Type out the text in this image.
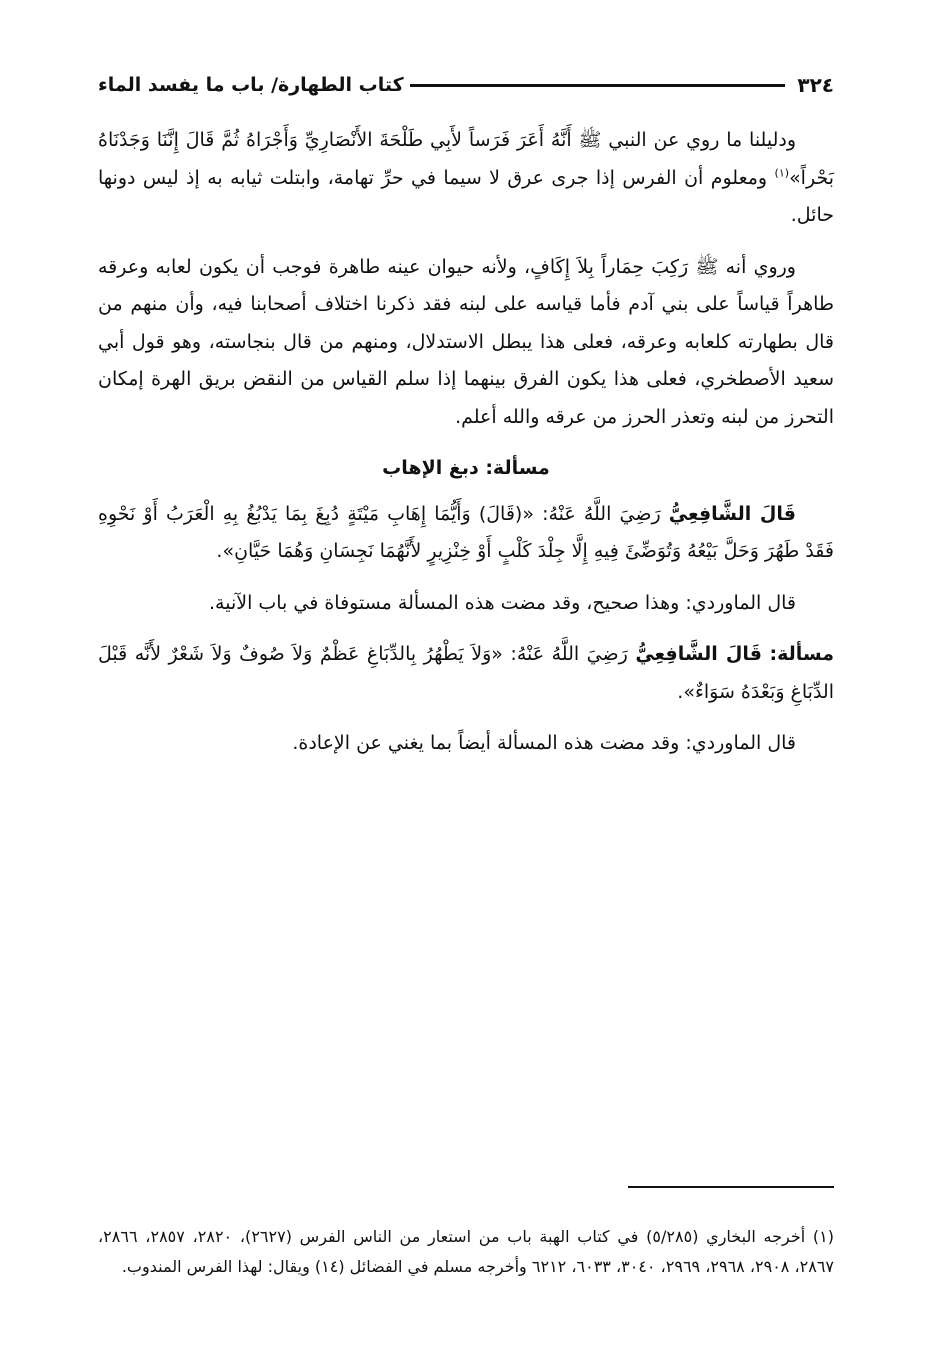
٣٢٤
كتاب الطهارة/ باب ما يفسد الماء

ودليلنا ما روي عن النبي ﷺ أَنَّهُ أَعَرَ فَرَساً لأَبِي طَلْحَةَ الأَنْصَارِيِّ وَأَجْرَاهُ ثُمَّ قَالَ إِنَّنَا وَجَدْنَاهُ بَحْراً»$^{(١)}$ ومعلوم أن الفرس إذا جرى عرق لا سيما في حرِّ تهامة، وابتلت ثيابه به إذ ليس دونها حائل.

وروي أنه ﷺ رَكِبَ حِمَاراً بِلاَ إِكَافٍ، ولأنه حيوان عينه طاهرة فوجب أن يكون لعابه وعرقه طاهراً قياساً على بني آدم فأما قياسه على لبنه فقد ذكرنا اختلاف أصحابنا فيه، وأن منهم من قال بطهارته كلعابه وعرقه، فعلى هذا يبطل الاستدلال، ومنهم من قال بنجاسته، وهو قول أبي سعيد الأصطخري، فعلى هذا يكون الفرق بينهما إذا سلم القياس من النقض بريق الهرة إمكان التحرز من لبنه وتعذر الحرز من عرقه والله أعلم.

مسألة: دبغ الإهاب

قَالَ الشَّافِعِيُّ رَضِيَ اللَّهُ عَنْهُ: «(قَالَ) وَأَيُّمَا إِهَابِ مَيْتَةٍ دُبِغَ بِمَا يَدْبُغُ بِهِ الْعَرَبُ أَوْ نَحْوِهِ فَقَدْ طَهُرَ وَحَلَّ بَيْعُهُ وَتُوَضِّئَ فِيهِ إِلَّا جِلْدَ كَلْبٍ أَوْ خِنْزِيرٍ لأَنَّهُمَا نَجِسَانِ وَهُمَا حَيَّانِ».

قال الماوردي: وهذا صحيح، وقد مضت هذه المسألة مستوفاة في باب الآنية.

مسألة: قَالَ الشَّافِعِيُّ رَضِيَ اللَّهُ عَنْهُ: «وَلاَ يَطْهُرُ بِالدِّبَاغِ عَظْمٌ وَلاَ صُوفٌ وَلاَ شَعْرٌ لأَنَّه قَبْلَ الدِّبَاغِ وَبَعْدَهُ سَوَاءٌ».

قال الماوردي: وقد مضت هذه المسألة أيضاً بما يغني عن الإعادة.

(١) أخرجه البخاري (٥/٢٨٥) في كتاب الهبة باب من استعار من الناس الفرس (٢٦٢٧)، ٢٨٢٠، ٢٨٥٧، ٢٨٦٦، ٢٨٦٧، ٢٩٠٨، ٢٩٦٨، ٢٩٦٩، ٣٠٤٠، ٦٠٣٣، ٦٢١٢ وأخرجه مسلم في الفضائل (١٤) ويقال: لهذا الفرس المندوب.
